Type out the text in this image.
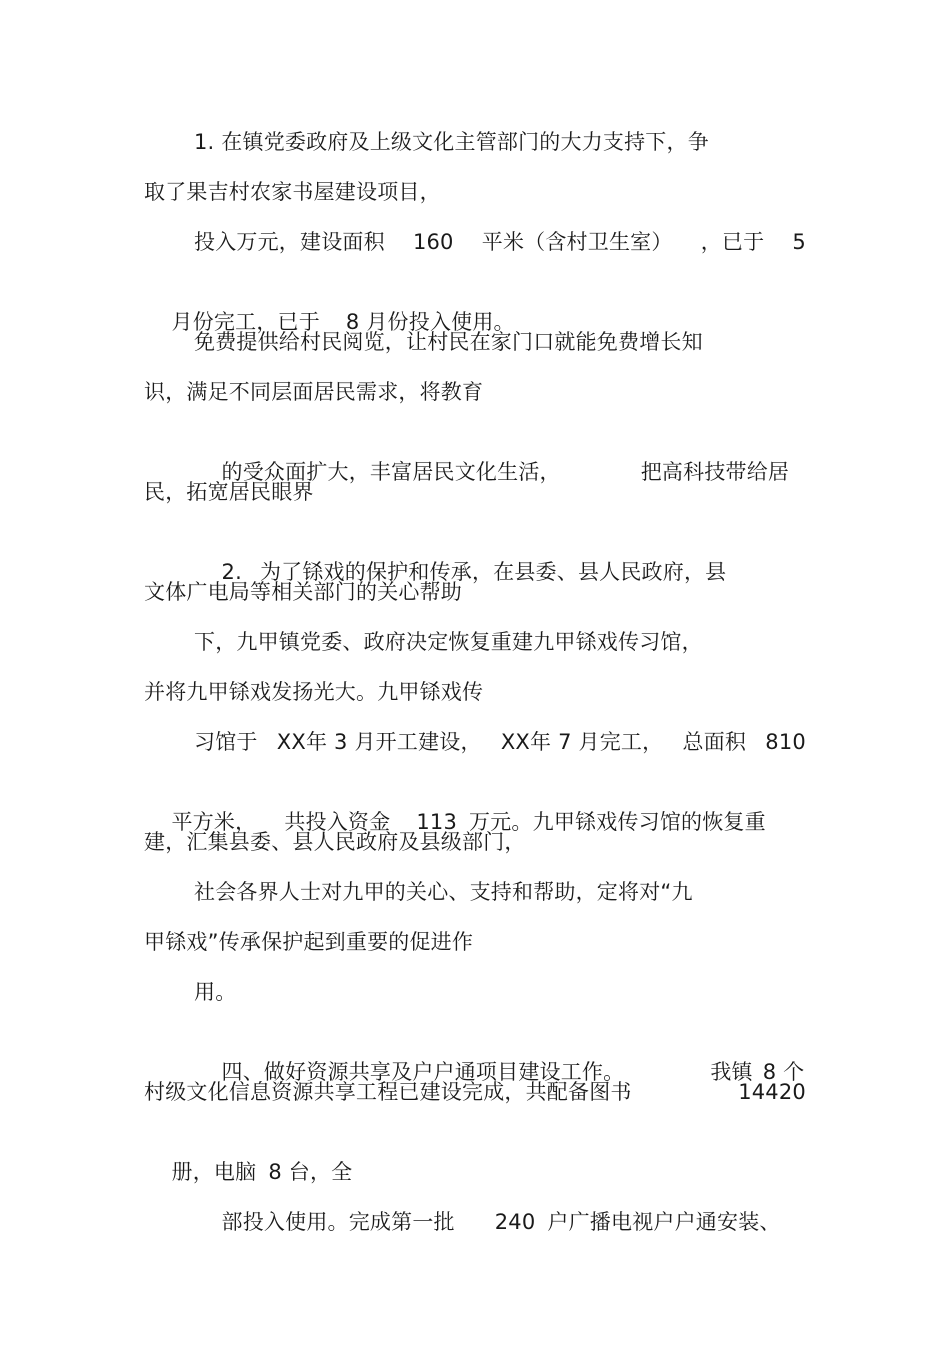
1. 在镇党委政府及上级文化主管部门的大力支持下，争
取了果吉村农家书屋建设项目，
投入万元，建设面积 160 平米（含村卫生室） ，已于 5

月份完工，已于 8 月份投入使用。

免费提供给村民阅览，让村民在家门口就能免费增长知
识，满足不同层面居民需求，将教育

的受众面扩大，丰富居民文化生活，	把高科技带给居

民，拓宽居民眼界

2. 为了铩戏的保护和传承，在县委、县人民政府，县

文体广电局等相关部门的关心帮助
下，九甲镇党委、政府决定恢复重建九甲铩戏传习馆，
并将九甲铩戏发扬光大。九甲铩戏传
习馆于 XX年 3 月开工建设， XX年 7 月完工， 总面积 810

平方米， 共投入资金 113 万元。九甲铩戏传习馆的恢复重

建，汇集县委、县人民政府及县级部门，
社会各界人士对九甲的关心、支持和帮助，定将对“九
甲铩戏”传承保护起到重要的促进作
用。

四、做好资源共享及户户通项目建设工作。	我镇 8 个

村级文化信息资源共享工程已建设完成，共配备图书	14420

册，电脑 8 台，全

部投入使用。完成第一批 240 户广播电视户户通安装、
